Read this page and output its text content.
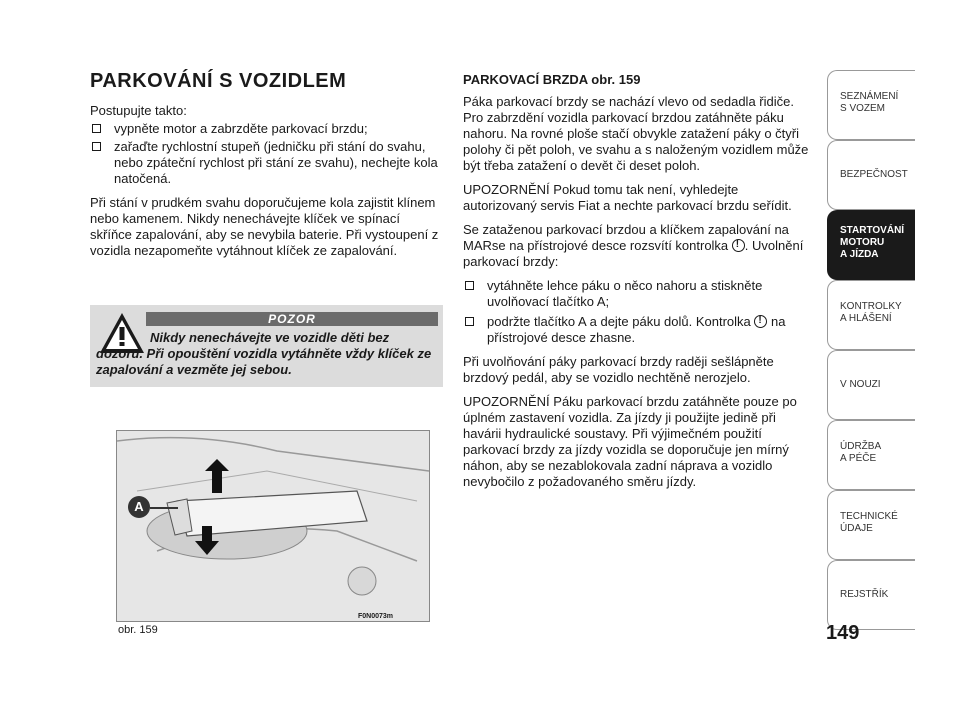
PARKOVÁNÍ S VOZIDLEM

Postupujte takto:

vypněte motor a zabrzděte parkovací brzdu;

zařaďte rychlostní stupeň (jedničku při stání do svahu, nebo zpáteční rychlost při stání ze svahu), nechejte kola natočená.

Při stání v prudkém svahu doporučujeme kola zajistit klínem nebo kamenem. Nikdy nenechávejte klíček ve spínací skříňce zapalování, aby se nevybila baterie. Při vystoupení z vozidla nezapomeňte vytáhnout klíček ze zapalování.

POZOR
Nikdy nenechávejte ve vozidle děti bez dozoru. Při opouštění vozidla vytáhněte vždy klíček ze zapalování a vezměte jej sebou.
A
obr. 159
F0N0073m

PARKOVACÍ BRZDA obr. 159

Páka parkovací brzdy se nachází vlevo od sedadla řidiče. Pro zabrzdění vozidla parkovací brzdou zatáhněte páku nahoru. Na rovné ploše stačí obvykle zatažení páky o čtyři polohy či pět poloh, ve svahu a s naloženým vozidlem může být třeba zatažení o devět či deset poloh.

UPOZORNĚNÍ Pokud tomu tak není, vyhledejte autorizovaný servis Fiat a nechte parkovací brzdu seřídit.

Se zataženou parkovací brzdou a klíčkem zapalování na MARse na přístrojové desce rozsvítí kontrolka ! . Uvolnění parkovací brzdy:

vytáhněte lehce páku o něco nahoru a stiskněte uvolňovací tlačítko A;

podržte tlačítko A a dejte páku dolů. Kontrolka ! na přístrojové desce zhasne.

Při uvolňování páky parkovací brzdy raději sešlápněte brzdový pedál, aby se vozidlo nechtěně nerozjelo.

UPOZORNĚNÍ Páku parkovací brzdu zatáhněte pouze po úplném zastavení vozidla. Za jízdy ji použijte jedině při havárii hydraulické soustavy. Při výjimečném použití parkovací brzdy za jízdy vozidla se doporučuje jen mírný náhon, aby se nezablokovala zadní náprava a vozidlo nevybočilo z požadovaného směru jízdy.

SEZNÁMENÍ
S VOZEM
BEZPEČNOST
STARTOVÁNÍ
MOTORU
A JÍZDA
KONTROLKY
A HLÁŠENÍ
V NOUZI
ÚDRŽBA
A PÉČE
TECHNICKÉ
ÚDAJE
REJSTŘÍK
149
